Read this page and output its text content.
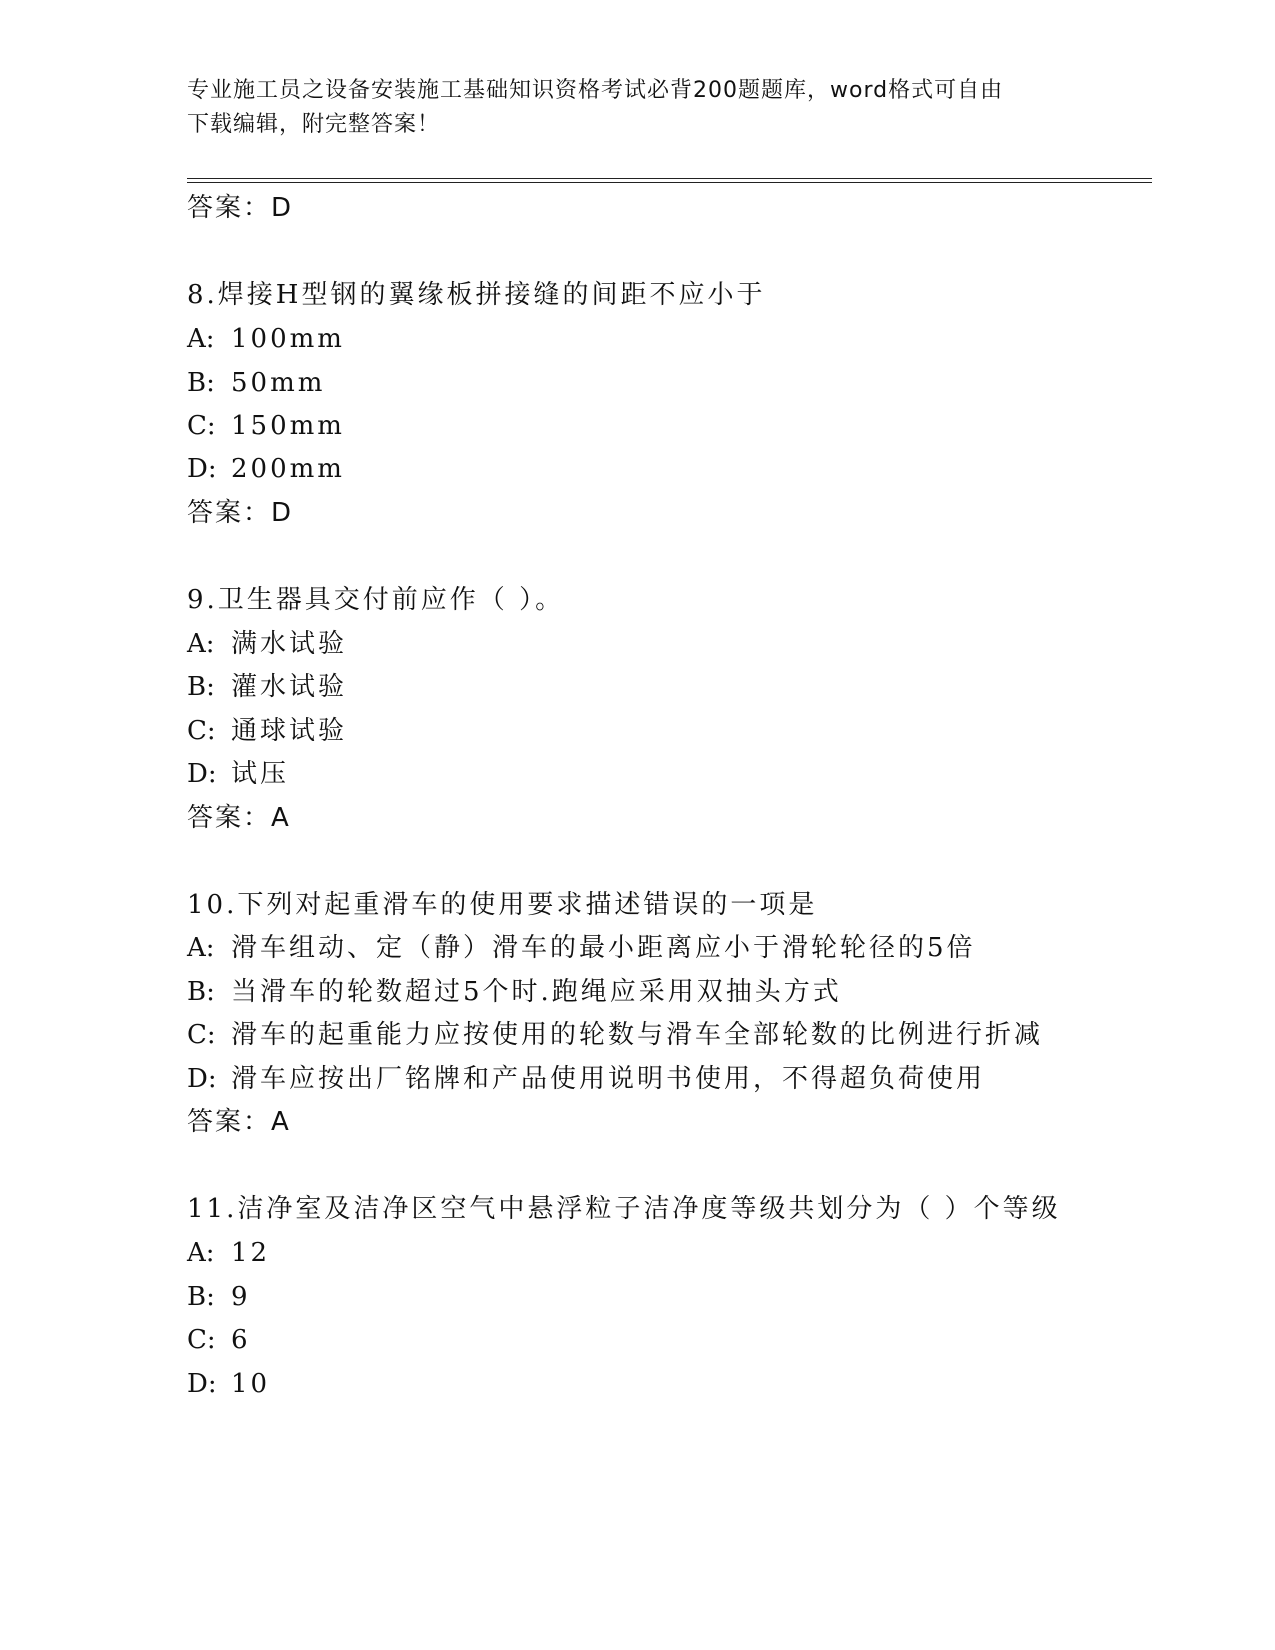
专业施工员之设备安装施工基础知识资格考试必背200题题库，word格式可自由
下载编辑，附完整答案！
答案：D
8.焊接H型钢的翼缘板拼接缝的间距不应小于
A: 100mm
B: 50mm
C: 150mm
D: 200mm
答案：D
9.卫生器具交付前应作（ ）。
A: 满水试验
B: 灌水试验
C: 通球试验
D: 试压
答案：A
10.下列对起重滑车的使用要求描述错误的一项是
A: 滑车组动、定（静）滑车的最小距离应小于滑轮轮径的5倍
B: 当滑车的轮数超过5个时.跑绳应采用双抽头方式
C: 滑车的起重能力应按使用的轮数与滑车全部轮数的比例进行折减
D: 滑车应按出厂铭牌和产品使用说明书使用，不得超负荷使用
答案：A
11.洁净室及洁净区空气中悬浮粒子洁净度等级共划分为（ ）个等级
A: 12
B: 9
C: 6
D: 10
